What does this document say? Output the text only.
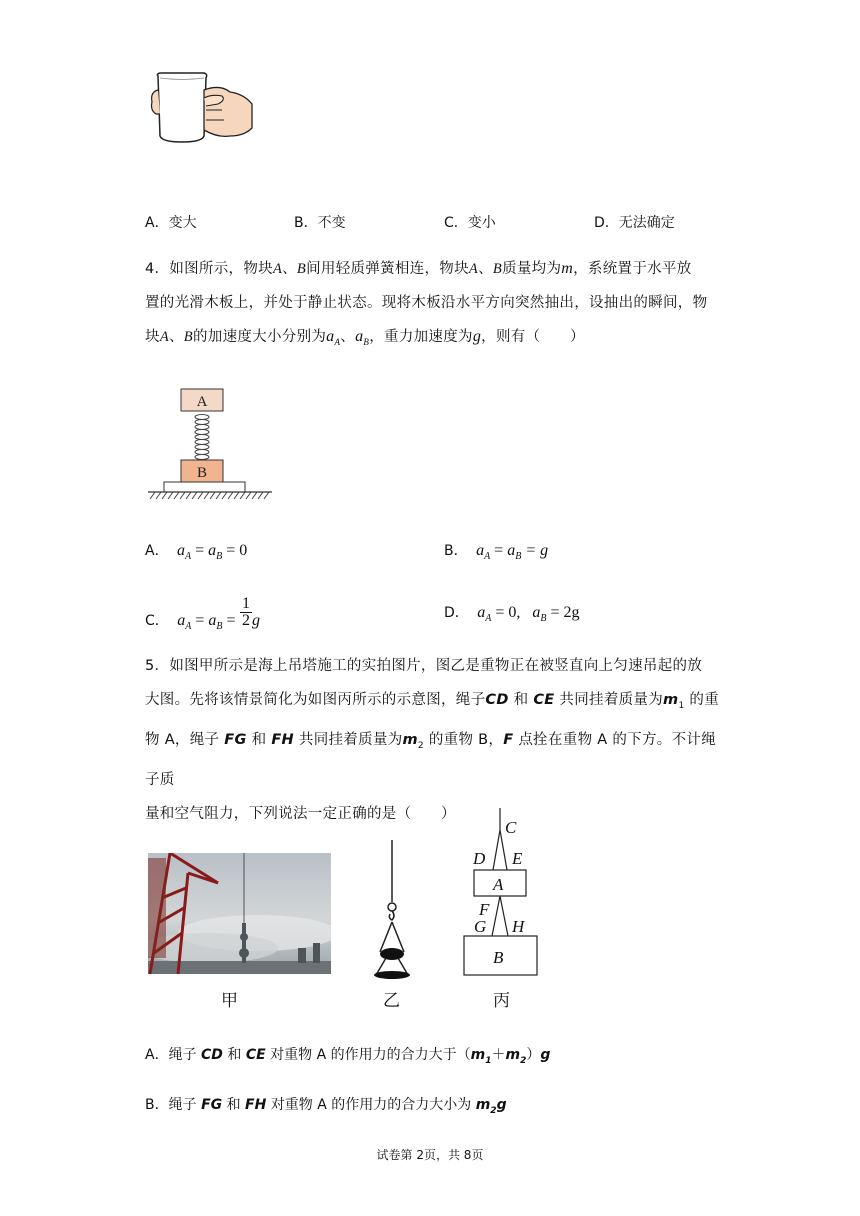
A．变大	B．不变	C．变小	D．无法确定
4．如图所示，物块A、B间用轻质弹簧相连，物块A、B质量均为m，系统置于水平放
置的光滑木板上，并处于静止状态。现将木板沿水平方向突然抽出，设抽出的瞬间，物
块A、B的加速度大小分别为$a_A$、$a_B$，重力加速度为g，则有（　　）
A
B
A． $a_A = a_B = 0$	B． $a_A = a_B = g$
C． $a_A = a_B = \frac{1}{2}$ g	D． $a_A = 0$, $a_B = 2g$
5．如图甲所示是海上吊塔施工的实拍图片，图乙是重物正在被竖直向上匀速吊起的放
大图。先将该情景简化为如图丙所示的示意图，绳子CD 和 CE 共同挂着质量为$m_1$ 的重
物 A，绳子 FG 和 FH 共同挂着质量为$m_2$ 的重物 B，F 点拴在重物 A 的下方。不计绳子质
量和空气阻力，下列说法一定正确的是（　　）
C
D E
A
F
G H
B
甲	乙	丙
A．绳子 CD 和 CE 对重物 A 的作用力的合力大于$(m_1+m_2)g$
B．绳子 FG 和 FH 对重物 A 的作用力的合力大小为 $m_2g$
试卷第 2页，共 8页
